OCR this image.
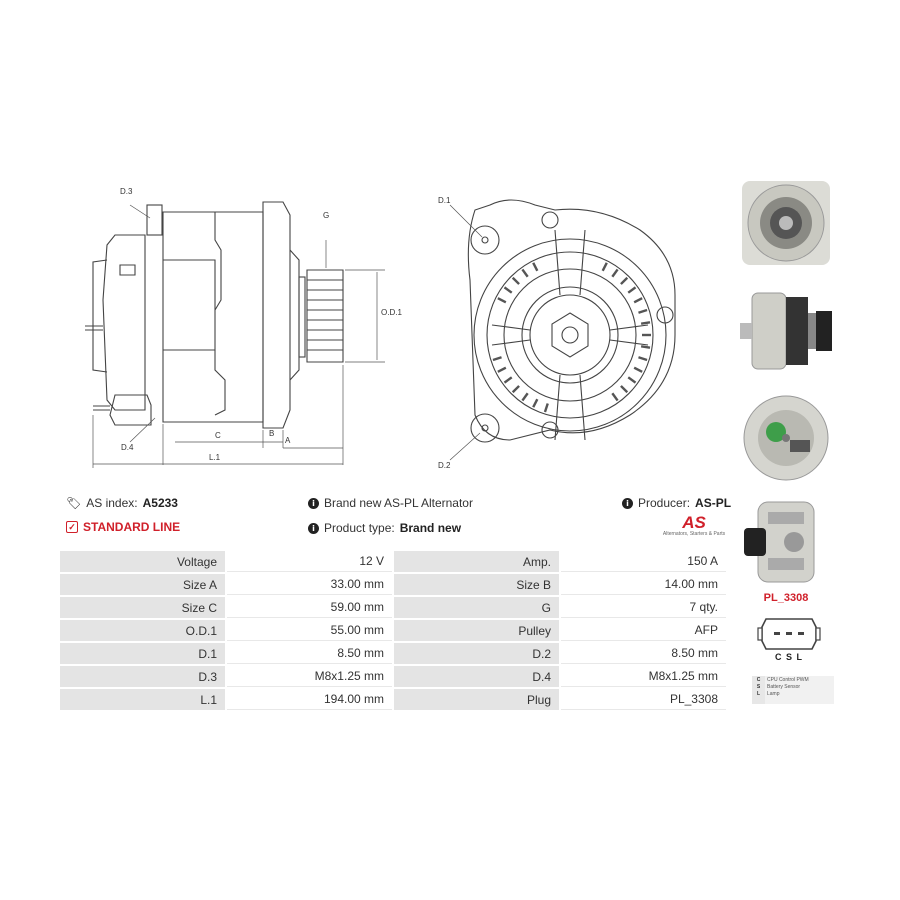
D.3
G
O.D.1
D.4
C	B
A
L.1
D.1
D.2
PL_3308
C S L
C	CPU Control PWM
S	Battery Sensor
L	Lamp

🏷︎ AS index: A5233
✓ STANDARD LINE
i Brand new AS-PL Alternator
i Product type: Brand new
i Producer: AS-PL
AS
Alternators, Starters & Parts
Voltage	12 V	Amp.	150 A
Size A	33.00 mm	Size B	14.00 mm
Size C	59.00 mm	G	7 qty.
O.D.1	55.00 mm	Pulley	AFP
D.1	8.50 mm	D.2	8.50 mm
D.3	M8x1.25 mm	D.4	M8x1.25 mm
L.1	194.00 mm	Plug	PL_3308
